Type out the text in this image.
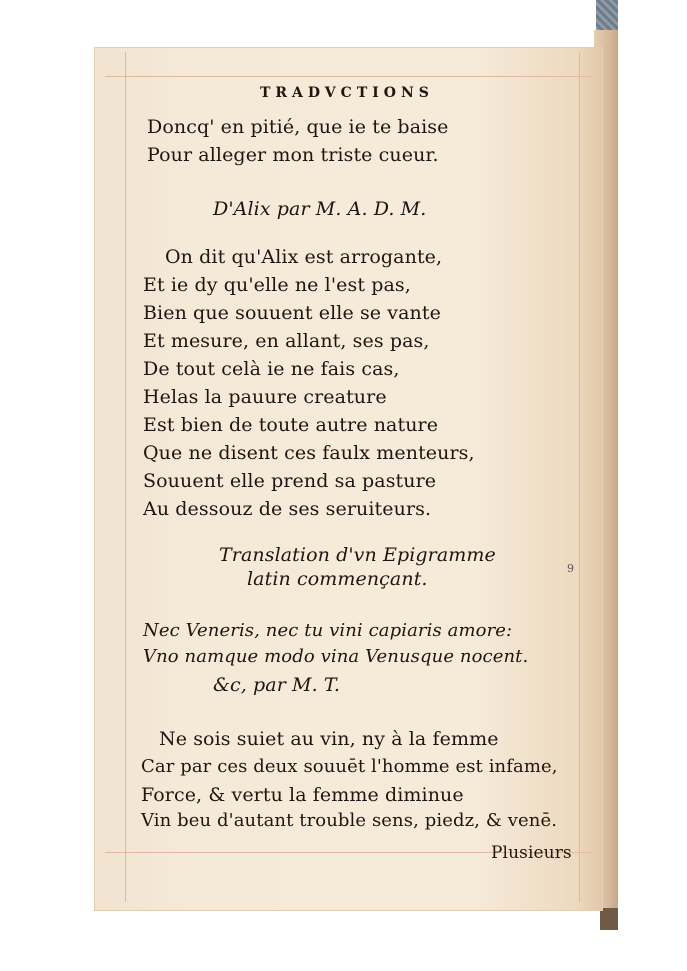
TRADVCTIONS
Doncq' en pitié, que ie te baise
Pour alleger mon triste cueur.
D'Alix par M. A. D. M.
On dit qu'Alix est arrogante,
Et ie dy qu'elle ne l'est pas,
Bien que souuent elle se vante
Et mesure, en allant, ses pas,
De tout celà ie ne fais cas,
Helas la pauure creature
Est bien de toute autre nature
Que ne disent ces faulx menteurs,
Souuent elle prend sa pasture
Au dessouz de ses seruiteurs.
Translation d'vn Epigramme
latin commençant.	9
Nec Veneris, nec tu vini capiaris amore:
Vno namque modo vina Venusque nocent.
&c, par M. T.
Ne sois suiet au vin, ny à la femme
Car par ces deux souuēt l'homme est infame,
Force, & vertu la femme diminue
Vin beu d'autant trouble sens, piedz, & venē.
Plusieurs
